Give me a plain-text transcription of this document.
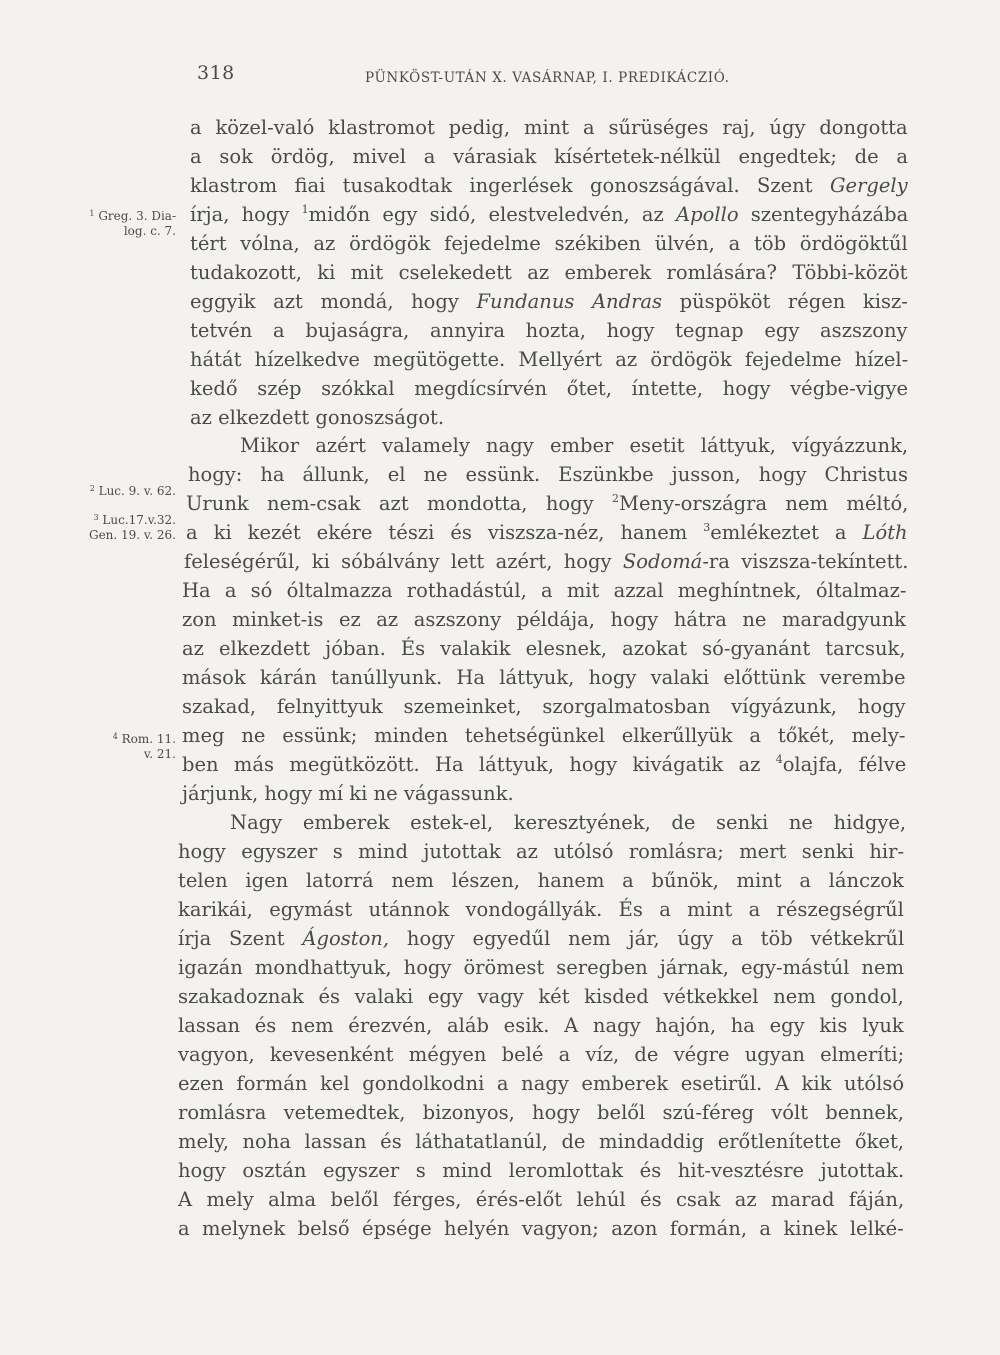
318	PÜNKÖST-UTÁN X. VASÁRNAP, I. PREDIKÁCZIÓ.
$^1$ Greg. 3. Dia-
log. c. 7.
$^2$ Luc. 9. v. 62.
$^3$ Luc.17.v.32.
Gen. 19. v. 26.
$^4$ Rom. 11.
v. 21.
a közel-való klastromot pedig, mint a sűrüséges raj, úgy dongotta
a sok ördög, mivel a várasiak kísértetek-nélkül engedtek; de a
klastrom fiai tusakodtak ingerlések gonoszságával. Szent Gergely
írja, hogy $^1$midőn egy sidó, elestveledvén, az Apollo szentegyházába
tért vólna, az ördögök fejedelme székiben ülvén, a töb ördögöktűl
tudakozott, ki mit cselekedett az emberek romlására? Többi-közöt
eggyik azt mondá, hogy Fundanus Andras püspököt régen kisz-
tetvén a bujaságra, annyira hozta, hogy tegnap egy aszszony
hátát hízelkedve megütögette. Mellyért az ördögök fejedelme hízel-
kedő szép szókkal megdícsírvén őtet, íntette, hogy végbe-vigye
az elkezdett gonoszságot.
Mikor azért valamely nagy ember esetit láttyuk, vígyázzunk,
hogy: ha állunk, el ne essünk. Eszünkbe jusson, hogy Christus
Urunk nem-csak azt mondotta, hogy $^2$Meny-országra nem méltó,
a ki kezét ekére tészi és viszsza-néz, hanem $^3$emlékeztet a Lóth
feleségérűl, ki sóbálvány lett azért, hogy Sodomá-ra viszsza-tekíntett.
Ha a só óltalmazza rothadástúl, a mit azzal meghíntnek, óltalmaz-
zon minket-is ez az aszszony példája, hogy hátra ne maradgyunk
az elkezdett jóban. És valakik elesnek, azokat só-gyanánt tarcsuk,
mások kárán tanúllyunk. Ha láttyuk, hogy valaki előttünk verembe
szakad, felnyittyuk szemeinket, szorgalmatosban vígyázunk, hogy
meg ne essünk; minden tehetségünkel elkerűllyük a tőkét, mely-
ben más megütközött. Ha láttyuk, hogy kivágatik az $^4$olajfa, félve
járjunk, hogy mí ki ne vágassunk.
Nagy emberek estek-el, keresztyének, de senki ne hidgye,
hogy egyszer s mind jutottak az utólsó romlásra; mert senki hir-
telen igen latorrá nem lészen, hanem a bűnök, mint a lánczok
karikái, egymást utánnok vondogállyák. És a mint a részegségrűl
írja Szent Ágoston, hogy egyedűl nem jár, úgy a töb vétkekrűl
igazán mondhattyuk, hogy örömest seregben járnak, egy-mástúl nem
szakadoznak és valaki egy vagy két kisded vétkekkel nem gondol,
lassan és nem érezvén, aláb esik. A nagy hajón, ha egy kis lyuk
vagyon, kevesenként mégyen belé a víz, de végre ugyan elmeríti;
ezen formán kel gondolkodni a nagy emberek esetirűl. A kik utólsó
romlásra vetemedtek, bizonyos, hogy belől szú-féreg vólt bennek,
mely, noha lassan és láthatatlanúl, de mindaddig erőtlenítette őket,
hogy osztán egyszer s mind leromlottak és hit-vesztésre jutottak.
A mely alma belől férges, érés-előt lehúl és csak az marad fáján,
a melynek belső épsége helyén vagyon; azon formán, a kinek lelké-
